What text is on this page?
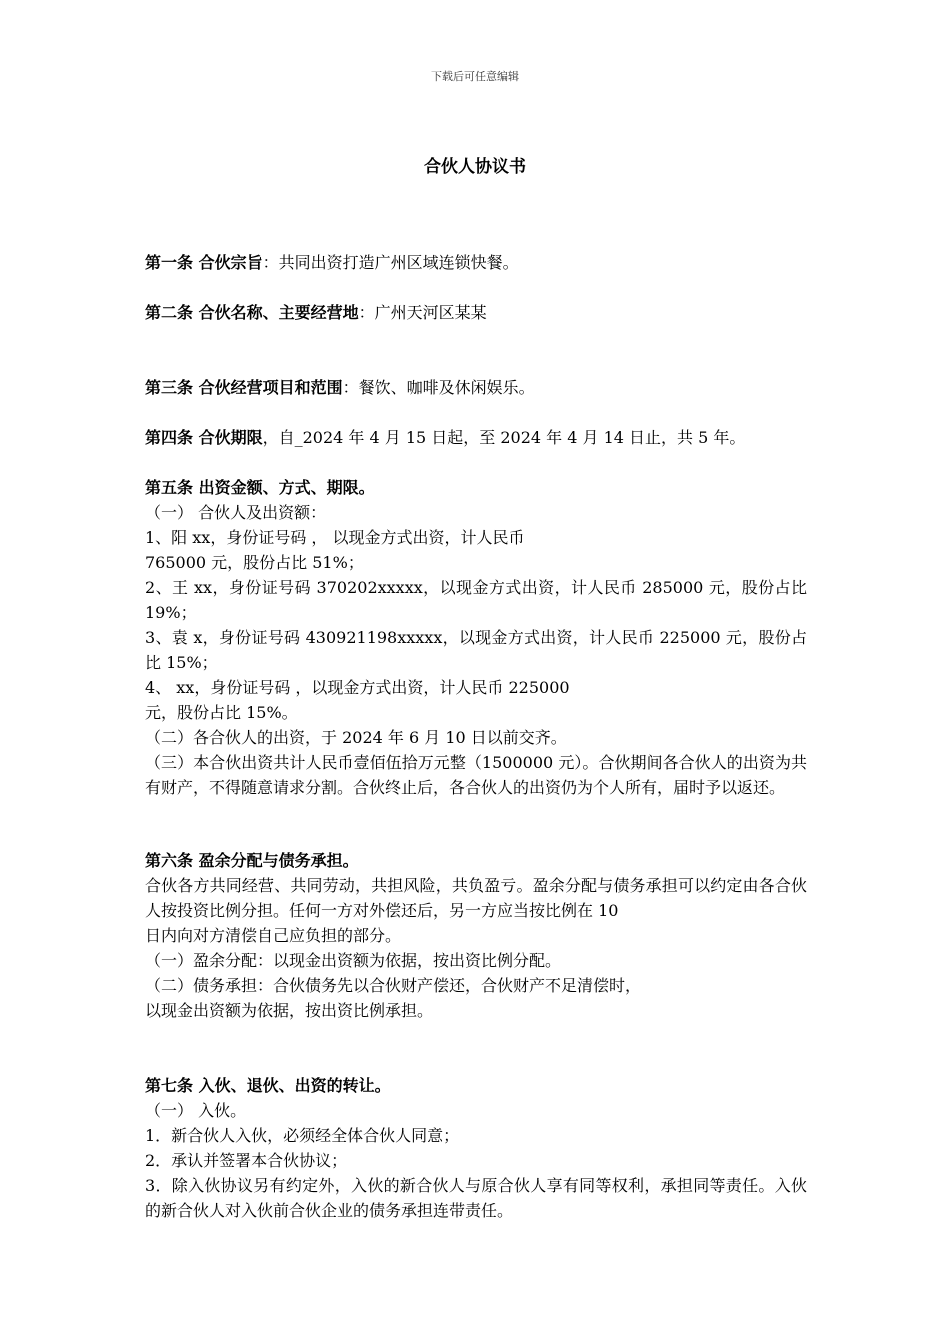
下载后可任意编辑
合伙人协议书
第一条 合伙宗旨：共同出资打造广州区域连锁快餐。
第二条 合伙名称、主要经营地：广州天河区某某
第三条 合伙经营项目和范围：餐饮、咖啡及休闲娱乐。
第四条 合伙期限，自_2024 年 4 月 15 日起，至 2024 年 4 月 14 日止，共 5 年。
第五条 出资金额、方式、期限。
（一） 合伙人及出资额：
1、阳 xx，身份证号码 ， 以现金方式出资，计人民币
765000 元，股份占比 51%；
2、王 xx，身份证号码 370202xxxxx，以现金方式出资，计人民币 285000 元，股份占比 19%；
3、袁 x，身份证号码 430921198xxxxx，以现金方式出资，计人民币 225000 元，股份占比 15%；
4、 xx，身份证号码 ，以现金方式出资，计人民币 225000
元，股份占比 15%。
（二）各合伙人的出资，于 2024 年 6 月 10 日以前交齐。
（三）本合伙出资共计人民币壹佰伍拾万元整（1500000 元）。合伙期间各合伙人的出资为共有财产，不得随意请求分割。合伙终止后，各合伙人的出资仍为个人所有，届时予以返还。
第六条 盈余分配与债务承担。
合伙各方共同经营、共同劳动，共担风险，共负盈亏。盈余分配与债务承担可以约定由各合伙人按投资比例分担。任何一方对外偿还后，另一方应当按比例在 10
日内向对方清偿自己应负担的部分。
（一）盈余分配：以现金出资额为依据，按出资比例分配。
（二）债务承担：合伙债务先以合伙财产偿还，合伙财产不足清偿时，
以现金出资额为依据，按出资比例承担。
第七条 入伙、退伙、出资的转让。
（一） 入伙。
1．新合伙人入伙，必须经全体合伙人同意；
2．承认并签署本合伙协议；
3．除入伙协议另有约定外，入伙的新合伙人与原合伙人享有同等权利，承担同等责任。入伙的新合伙人对入伙前合伙企业的债务承担连带责任。
